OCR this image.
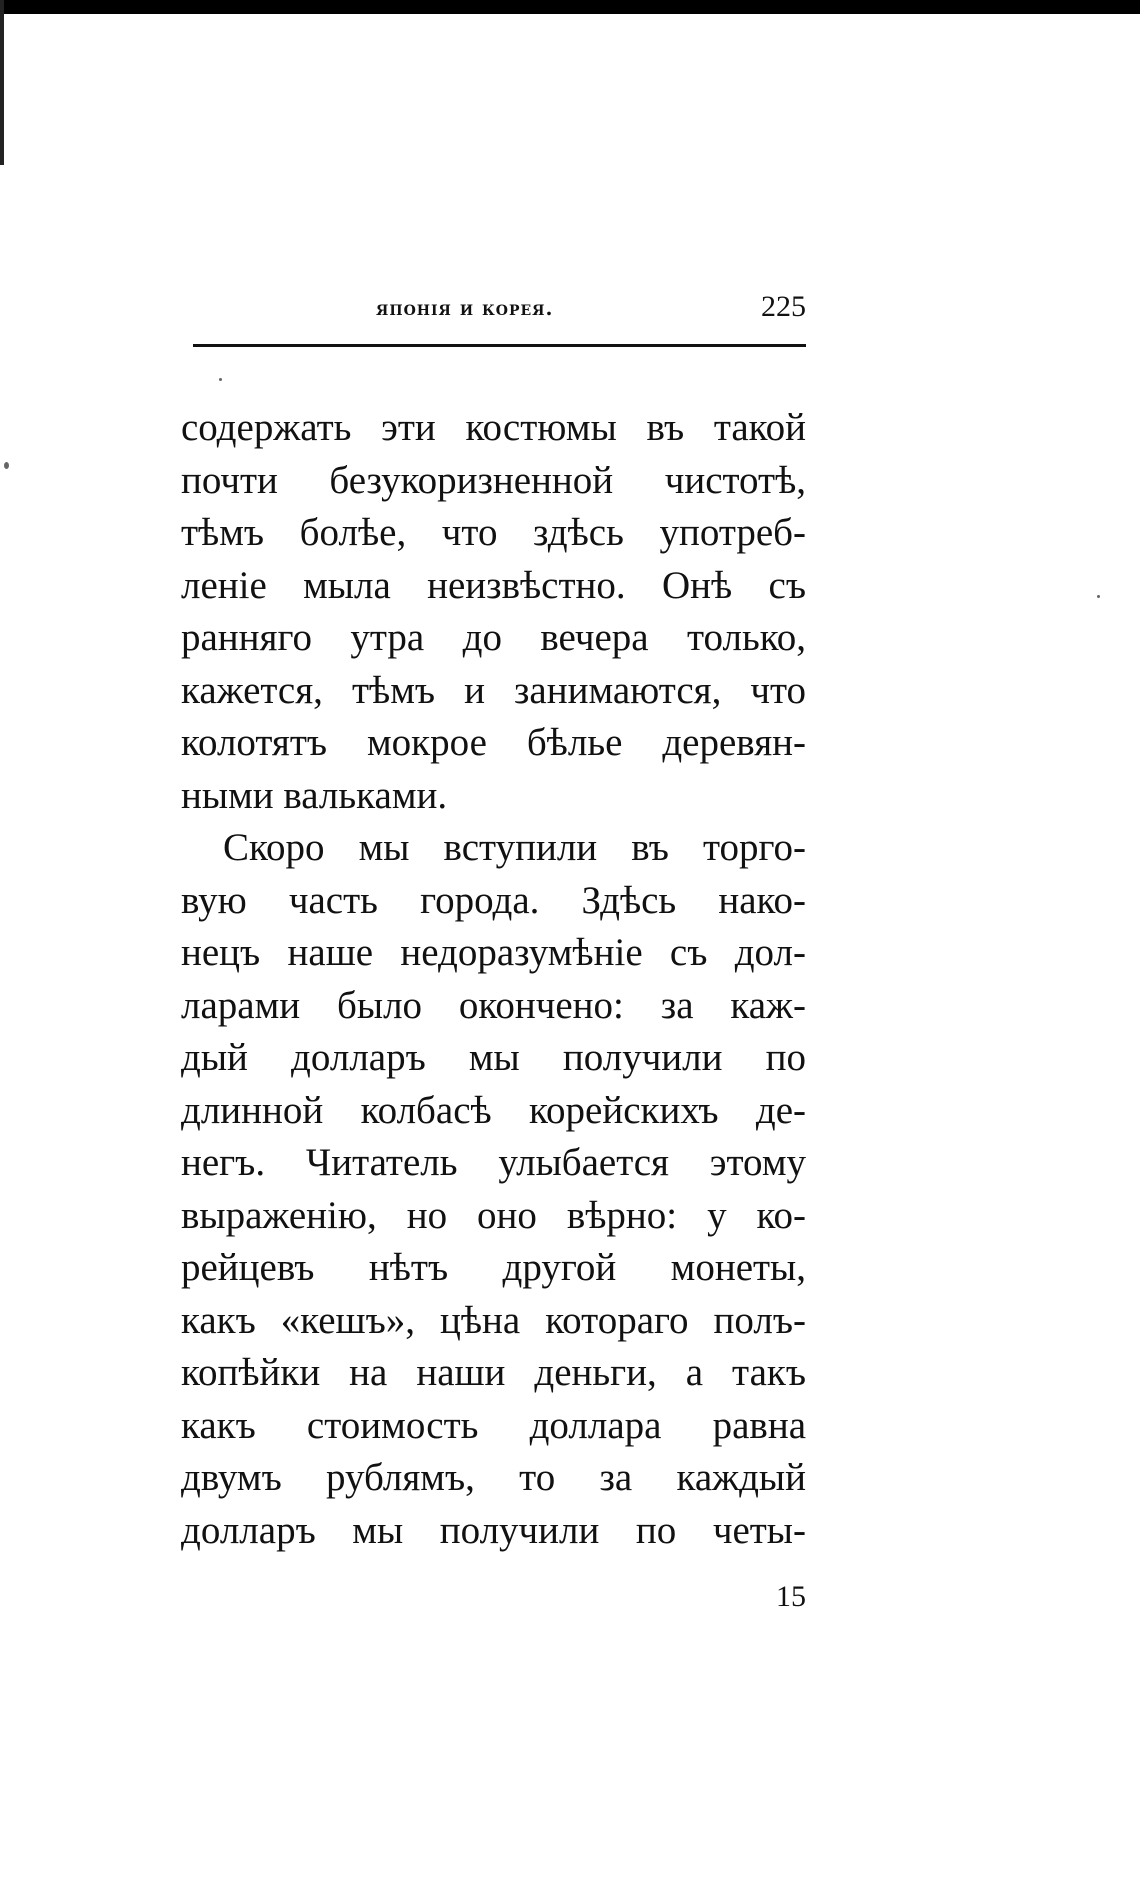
японія и корея.	225
содержать эти костюмы въ такой
почти безукоризненной чистотѣ,
тѣмъ болѣе, что здѣсь употреб-
леніе мыла неизвѣстно. Онѣ съ
ранняго утра до вечера только,
кажется, тѣмъ и занимаются, что
колотятъ мокрое бѣлье деревян-
ными вальками.
Скоро мы вступили въ торго-
вую часть города. Здѣсь нако-
нецъ наше недоразумѣніе съ дол-
ларами было окончено: за каж-
дый долларъ мы получили по
длинной колбасѣ корейскихъ де-
негъ. Читатель улыбается этому
выраженію, но оно вѣрно: у ко-
рейцевъ нѣтъ другой монеты,
какъ «кешъ», цѣна котораго полъ-
копѣйки на наши деньги, а такъ
какъ стоимость доллара равна
двумъ рублямъ, то за каждый
долларъ мы получили по четы-
15
